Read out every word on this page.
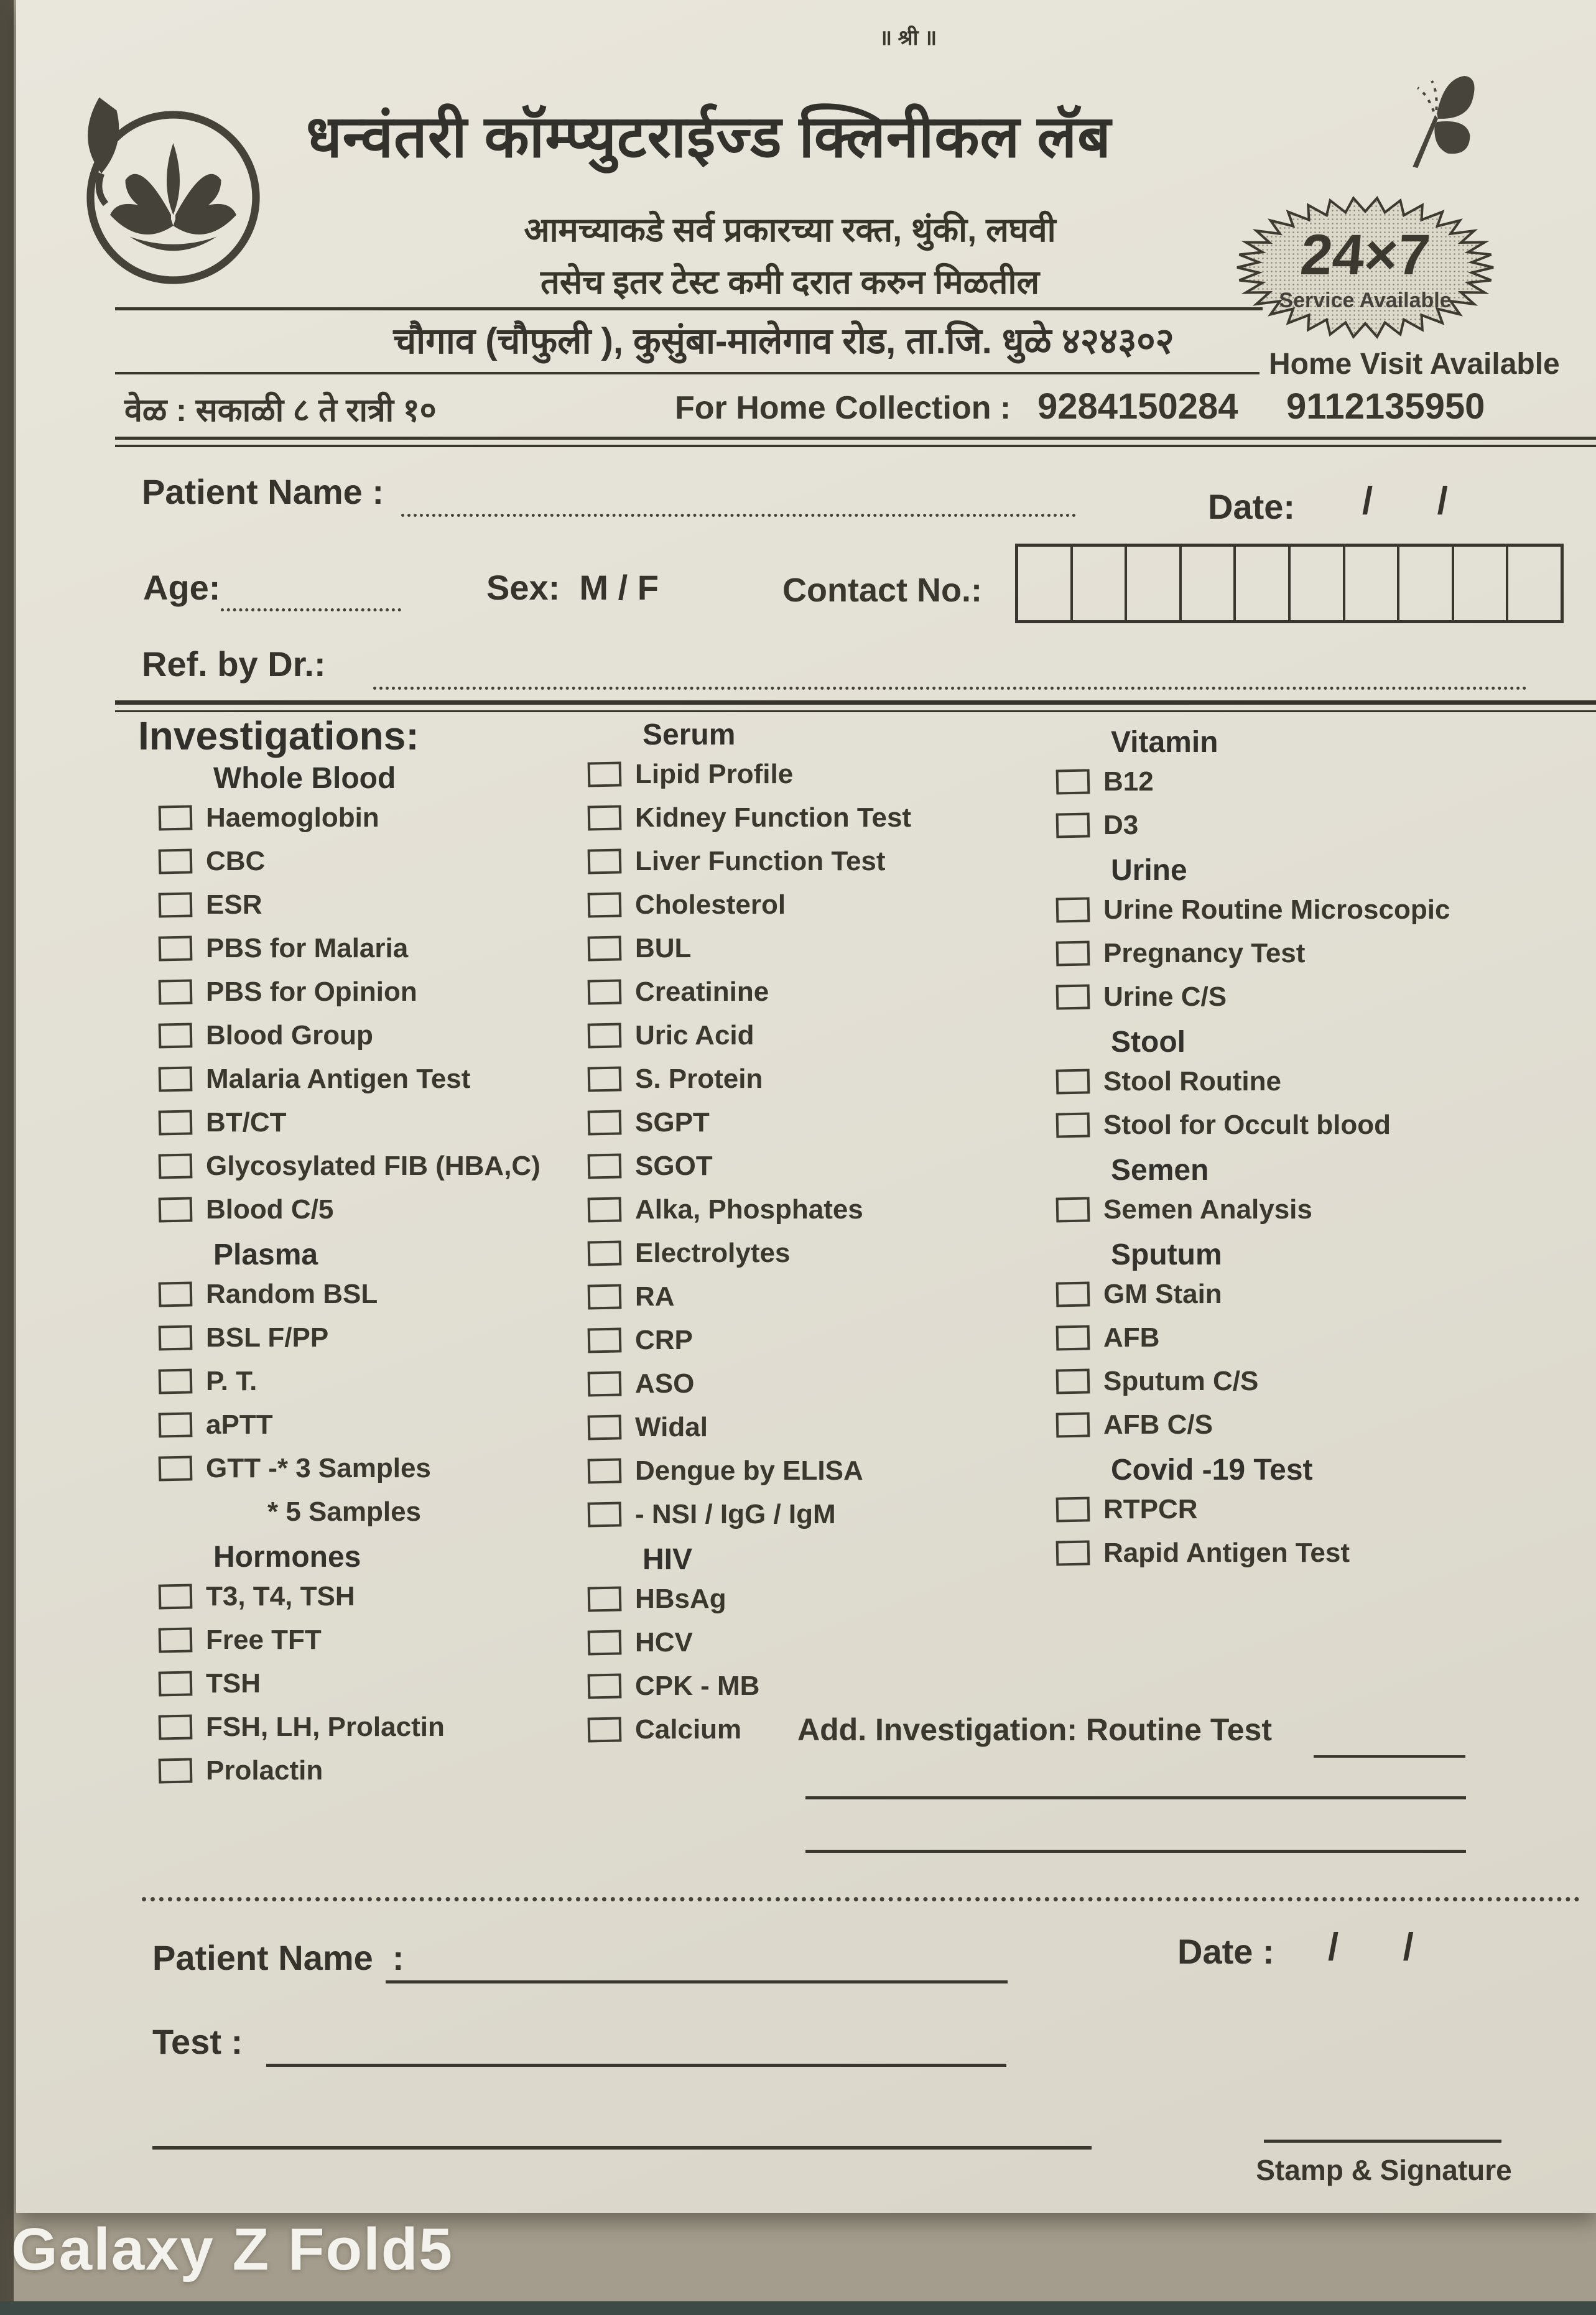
॥ श्री ॥
धन्वंतरी कॉम्प्युटराईज्ड क्लिनीकल लॅब
आमच्याकडे सर्व प्रकारच्या रक्त, थुंकी, लघवी
तसेच इतर टेस्ट कमी दरात करुन मिळतील	24×7
Service Available
चौगाव (चौफुली ), कुसुंबा-मालेगाव रोड, ता.जि. धुळे ४२४३०२
Home Visit Available
वेळ : सकाळी ८ ते रात्री १०	For Home Collection : 9284150284 9112135950
Patient Name :	Date: /      /
Age:	Sex:  M / F	Contact No.:
Ref. by Dr.:
Investigations:
Whole Blood
Haemoglobin
CBC
ESR
PBS for Malaria
PBS for Opinion
Blood Group
Malaria Antigen Test
BT/CT
Glycosylated FIB (HBA,C)
Blood C/5
Plasma
Random BSL
BSL F/PP
P. T.
aPTT
GTT -* 3 Samples
* 5 Samples
Hormones
T3, T4, TSH
Free TFT
TSH
FSH, LH, Prolactin
Prolactin
Serum
Lipid Profile
Kidney Function Test
Liver Function Test
Cholesterol
BUL
Creatinine
Uric Acid
S. Protein
SGPT
SGOT
Alka, Phosphates
Electrolytes
RA
CRP
ASO
Widal
Dengue by ELISA
- NSI / IgG / IgM
HIV
HBsAg
HCV
CPK - MB
Calcium
Vitamin
B12
D3
Urine
Urine Routine Microscopic
Pregnancy Test
Urine C/S
Stool
Stool Routine
Stool for Occult blood
Semen
Semen Analysis
Sputum
GM Stain
AFB
Sputum C/S
AFB C/S
Covid -19 Test
RTPCR
Rapid Antigen Test
Add. Investigation: Routine Test
Patient Name  :	Date : /      /
Test :
Stamp & Signature
Galaxy Z Fold5
